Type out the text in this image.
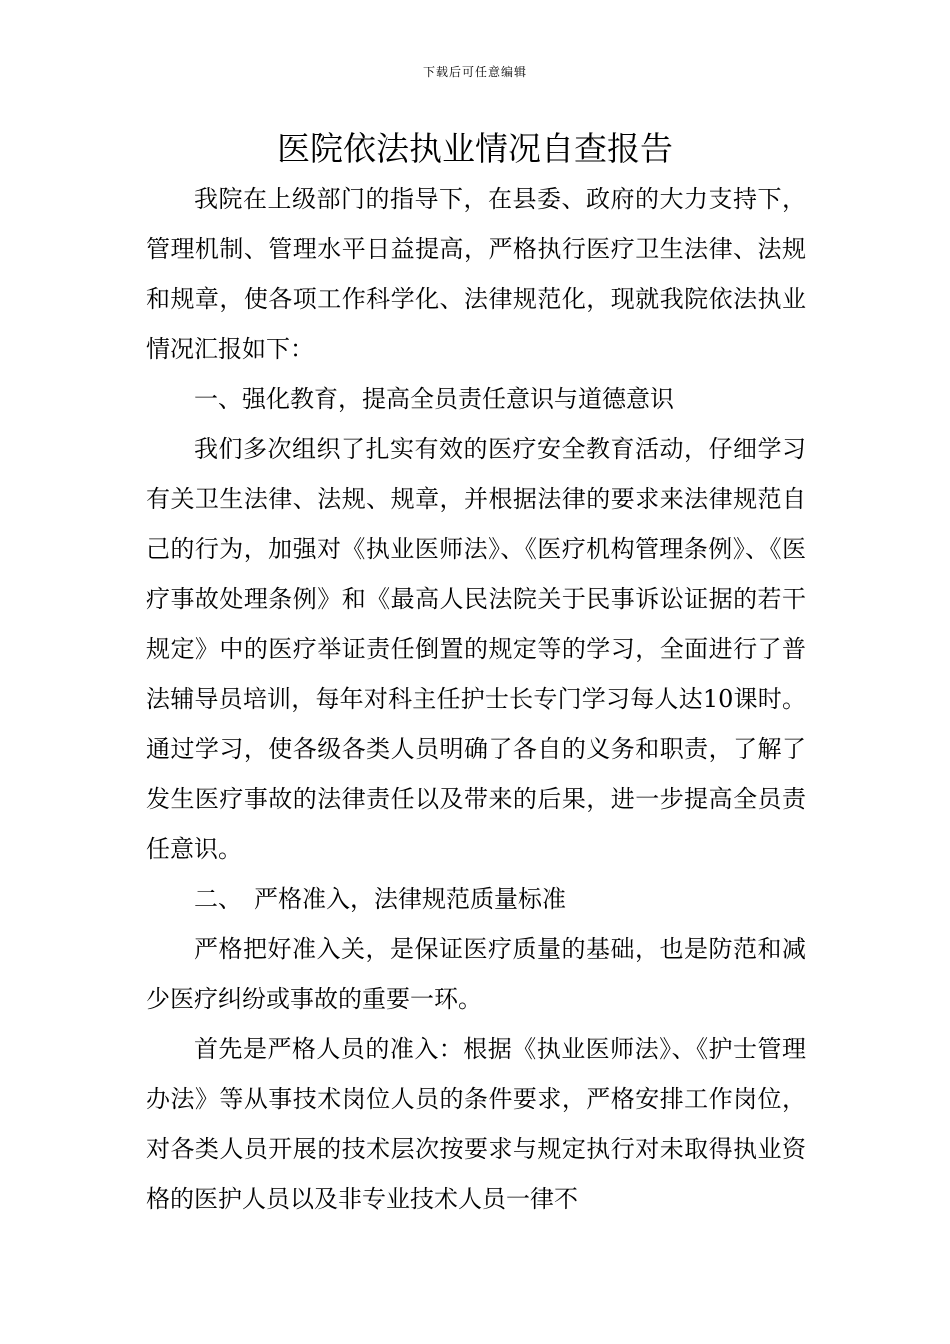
下载后可任意编辑
医院依法执业情况自查报告

我院在上级部门的指导下，在县委、政府的大力支持下，管理机制、管理水平日益提高，严格执行医疗卫生法律、法规和规章，使各项工作科学化、法律规范化，现就我院依法执业情况汇报如下：

一、强化教育，提高全员责任意识与道德意识

我们多次组织了扎实有效的医疗安全教育活动，仔细学习有关卫生法律、法规、规章，并根据法律的要求来法律规范自己的行为，加强对《执业医师法》、《医疗机构管理条例》、《医疗事故处理条例》和《最高人民法院关于民事诉讼证据的若干规定》中的医疗举证责任倒置的规定等的学习，全面进行了普法辅导员培训，每年对科主任护士长专门学习每人达10课时。通过学习，使各级各类人员明确了各自的义务和职责，了解了发生医疗事故的法律责任以及带来的后果，进一步提高全员责任意识。

二、　严格准入，法律规范质量标准

严格把好准入关，是保证医疗质量的基础，也是防范和减少医疗纠纷或事故的重要一环。

首先是严格人员的准入：根据《执业医师法》、《护士管理办法》等从事技术岗位人员的条件要求，严格安排工作岗位，对各类人员开展的技术层次按要求与规定执行对未取得执业资格的医护人员以及非专业技术人员一律不
